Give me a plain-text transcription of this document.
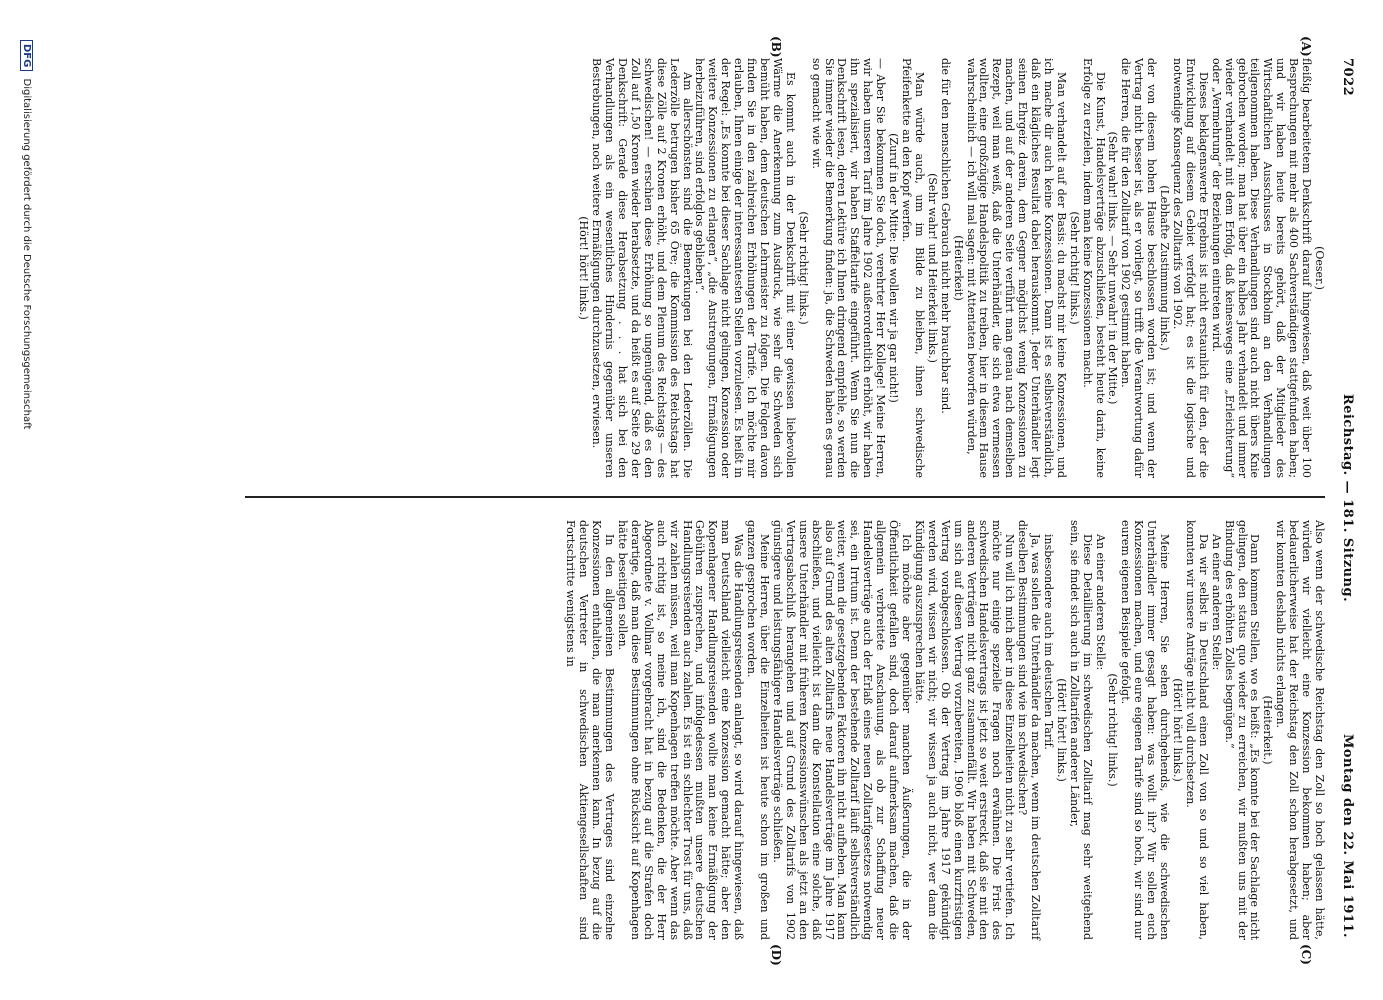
7022
Reichstag. — 181. Sitzung.
Montag den 22. Mai 1911.
(A)
(B)
(C)
(D)

(Oeser.)

fleißig bearbeitetem Denkschrift darauf hingewiesen, daß weit über 100 Besprechungen mit mehr als 400 Sachverständigen stattgefunden haben; und wir haben heute bereits gehört, daß der Mitglieder des Wirtschaftlichen Ausschusses in Stockholm an den Verhandlungen teilgenommen haben. Diese Verhandlungen sind auch nicht übers Knie gebrochen worden; man hat über ein halbes Jahr verhandelt und immer wieder verhandelt mit dem Erfolg, daß keineswegs eine „Erleichterung“ oder „Vermehrung“ der Beziehungen eintreten wird.

Dieses beklagenswerte Ergebnis ist nicht erstaunlich für den, der die Entwicklung auf diesem Gebiet verfolgt hat; es ist die logische und notwendige Konsequenz des Zolltarifs von 1902.

(Lebhafte Zustimmung links.)

der von diesem hohen Hause beschlossen worden ist; und wenn der Vertrag nicht besser ist, als er vorliegt, so trifft die Verantwortung dafür die Herren, die für den Zolltarif von 1902 gestimmt haben.

(Sehr wahr! links. — Sehr unwahr! in der Mitte.)

Die Kunst, Handelsverträge abzuschließen, besteht heute darin, keine Erfolge zu erzielen, indem man keine Konzessionen macht.

(Sehr richtig! links.)

Man verhandelt auf der Basis: du machst mir keine Konzessionen, und ich mache dir auch keine Konzessionen. Dann ist es selbstverständlich, daß ein klägliches Resultat dabei herauskommt. Jeder Unterhändler legt seinen Ehrgeiz darein, dem Gegner möglichst wenig Konzessionen zu machen, und auf der anderen Seite verführt man genau nach demselben Rezept, weil man weiß, daß die Unterhändler, die sich etwa vermessen wollten, eine großzügige Handelspolitik zu treiben, hier in diesem Hause wahrscheinlich — ich will mal sagen: mit Attentaten beworfen würden,

(Heiterkeit)

die für den menschlichen Gebrauch nicht mehr brauchbar sind.

(Sehr wahr! und Heiterkeit links.)

Man würde auch, um im Bilde zu bleiben, ihnen schwedische Pfeifenkette an den Kopf werfen.

(Zuruf in der Mitte: Die wollen wir ja gar nicht!)

— Aber Sie bekommen Sie doch, verehrter Herr Kollege! Meine Herren, wir haben unseren Tarif im Jahre 1902 außerordentlich erhöht, wir haben ihn spezialisiert, wir haben Staffeltarife eingeführt. Wenn Sie nun die Denkschrift lesen, deren Lektüre ich Ihnen dringend empfehle, so werden Sie immer wieder die Bemerkung finden: ja, die Schweden haben es genau so gemacht wie wir.

(Sehr richtig! links.)

Es kommt auch in der Denkschrift mit einer gewissen liebevollen Wärme die Anerkennung zum Ausdruck, wie sehr die Schweden sich bemüht haben, dem deutschen Lehrmeister zu folgen. Die Folgen davon finden Sie in den zahlreichen Erhöhungen der Tarife. Ich möchte mir erlauben, Ihnen einige der interessantesten Stellen vorzulesen. Es heißt in der Regel: „Es konnte bei dieser Sachlage nicht gelingen, Konzession oder weitere Konzessionen zu erlangen“, „die Anstrengungen, Ermäßigungen herbeizuführen, sind erfolglos geblieben“.

Am allerschönsten sind die Bemerkungen bei den Lederzöllen. Die Lederzölle betrugen bisher 65 Öre; die Kommission des Reichstags hat diese Zölle auf 2 Kronen erhöht, und dem Plenum des Reichstags — des schwedischen! — erschien diese Erhöhung so ungenügend, daß es den Zoll auf 1,50 Kronen wieder herabsetzte, und da heißt es auf Seite 29 der Denkschrift: Gerade diese Herabsetzung . . . hat sich bei den Verhandlungen als ein wesentliches Hindernis gegenüber unseren Bestrebungen, noch weitere Ermäßigungen durchzusetzen, erwiesen.

(Hört! hört! links.)

Also wenn der schwedische Reichstag den Zoll so hoch gelassen hätte, würden wir vielleicht eine Konzession bekommen haben; aber bedauerlicherweise hat der Reichstag den Zoll schon herabgesetzt, und wir konnten deshalb nichts erlangen.

(Heiterkeit.)

Dann kommen Stellen, wo es heißt: „Es konnte bei der Sachlage nicht gelingen, den status quo wieder zu erreichen, wir mußten uns mit der Bindung des erhöhten Zolles begnügen.“

An einer anderen Stelle:

Da wir selbst in Deutschland einen Zoll von so und so viel haben, konnten wir unsere Anträge nicht voll durchsetzen.

(Hört! hört! links.)

Meine Herren, Sie sehen durchgehends, wie die schwedischen Unterhändler immer gesagt haben: was wollt ihr? Wir sollen euch Konzessionen machen, und eure eigenen Tarife sind so hoch, wir sind nur eurem eigenen Beispiele gefolgt.

(Sehr richtig! links.)

An einer anderen Stelle:

Diese Detaillierung im schwedischen Zolltarif mag sehr weitgehend sein, sie findet sich auch in Zolltarifen anderer Länder,

(Hört! hört! links.)

insbesondere auch im deutschen Tarif.

Ja, was sollen die Unterhändler da machen, wenn im deutschen Zolltarif dieselben Bestimmungen sind wie im schwedischen?

Nun will ich mich aber in diese Einzelheiten nicht zu sehr vertiefen. Ich möchte nur einige spezielle Fragen noch erwähnen. Die Frist des schwedischen Handelsvertrags ist jetzt so weit erstreckt, daß sie mit den anderen Verträgen nicht ganz zusammenfällt. Wir haben mit Schweden, um sich auf diesen Vertrag vorzubereiten, 1906 bloß einen kurzfristigen Vertrag vorabgeschlossen. Ob der Vertrag im Jahre 1917 gekündigt werden wird, wissen wir nicht; wir wissen ja auch nicht, wer dann die Kündigung auszusprechen hätte.

Ich möchte aber gegenüber manchen Äußerungen, die in der Öffentlichkeit gefallen sind, doch darauf aufmerksam machen, daß die allgemein verbreitete Anschauung, als ob zur Schaffung neuer Handelsverträge auch der Erlaß eines neuen Zolltarifgesetzes notwendig sei, ein Irrtum ist. Denn der bestehende Zolltarif läuft selbstverständlich weiter, wenn die gesetzgebenden Faktoren ihn nicht aufheben. Man kann also auf Grund des alten Zolltarifs neue Handelsverträge im Jahre 1917 abschließen, und vielleicht ist dann die Konstellation eine solche, daß unsere Unterhändler mit früheren Konzessionswünschen als jetzt an den Vertragsabschluß herangehen und auf Grund des Zolltarifs von 1902 günstigere und leistungsfähigere Handelsverträge schließen.

Meine Herren, über die Einzelheiten ist heute schon im großen und ganzen gesprochen worden.

Was die Handlungsreisenden anlangt, so wird darauf hingewiesen, daß man Deutschland vielleicht eine Konzession gemacht hätte; aber den Kopenhagener Handlungsreisenden wollte man keine Ermäßigung der Gebühren zusprechen, und infolgedessen mußten unsere deutschen Handlungsreisenden auch zahlen. Es ist ein schlechter Trost für uns, daß wir zahlen müssen, weil man Kopenhagen treffen möchte. Aber wenn das auch richtig ist, so meine ich, sind die Bedenken, die der Herr Abgeordnete v. Vollmar vorgebracht hat in bezug auf die Strafen doch derartige, daß man diese Bestimmungen ohne Rücksicht auf Kopenhagen hätte beseitigen sollen.

In den allgemeinen Bestimmungen des Vertrages sind einzelne Konzessionen enthalten, die man anerkennen kann. In bezug auf die deutschen Vertreter in schwedischen Aktiengesellschaften sind Fortschritte wenigstens in

DFG Digitalisierung gefördert durch die Deutsche Forschungsgemeinschaft
